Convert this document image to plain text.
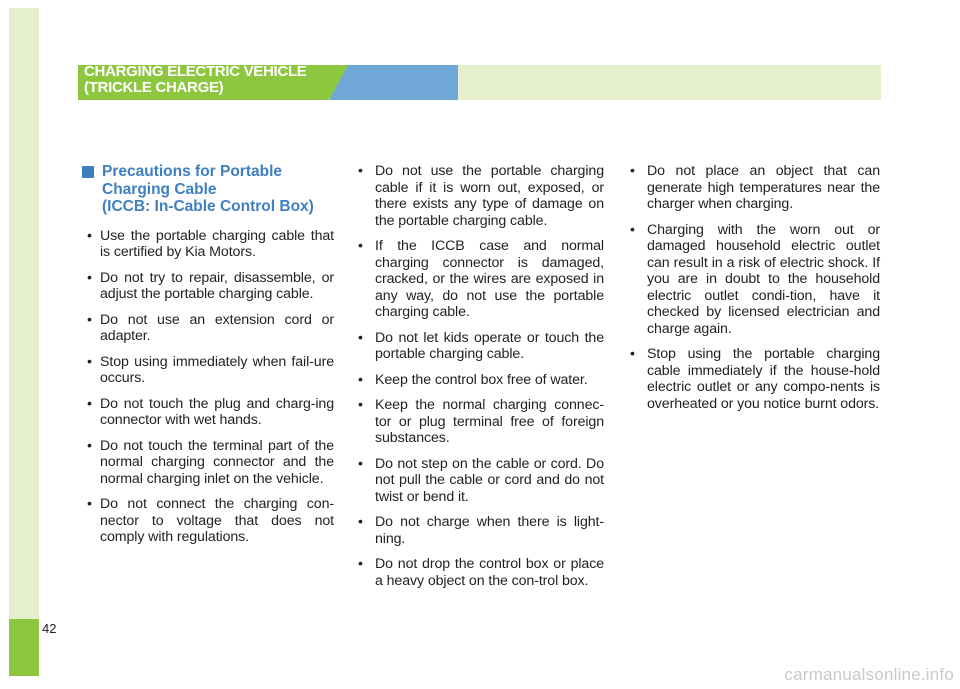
42
CHARGING ELECTRIC VEHICLE
(TRICKLE CHARGE)
Precautions for Portable
Charging Cable
(ICCB: In-Cable Control Box)
• Use the portable charging cable that is certified by Kia Motors.
• Do not try to repair, disassemble, or adjust the portable charging cable.
• Do not use an extension cord or adapter.
• Stop using immediately when fail-ure occurs.
• Do not touch the plug and charg-ing connector with wet hands.
• Do not touch the terminal part of the normal charging connector and the normal charging inlet on the vehicle.
• Do not connect the charging con-nector to voltage that does not comply with regulations.
• Do not use the portable charging cable if it is worn out, exposed, or there exists any type of damage on the portable charging cable.
• If the ICCB case and normal charging connector is damaged, cracked, or the wires are exposed in any way, do not use the portable charging cable.
• Do not let kids operate or touch the portable charging cable.
• Keep the control box free of water.
• Keep the normal charging connec-tor or plug terminal free of foreign substances.
• Do not step on the cable or cord. Do not pull the cable or cord and do not twist or bend it.
• Do not charge when there is light-ning.
• Do not drop the control box or place a heavy object on the con-trol box.
• Do not place an object that can generate high temperatures near the charger when charging.
• Charging with the worn out or damaged household electric outlet can result in a risk of electric shock. If you are in doubt to the household electric outlet condi-tion, have it checked by licensed electrician and charge again.
• Stop using the portable charging cable immediately if the house-hold electric outlet or any compo-nents is overheated or you notice burnt odors.
carmanualsonline.info
